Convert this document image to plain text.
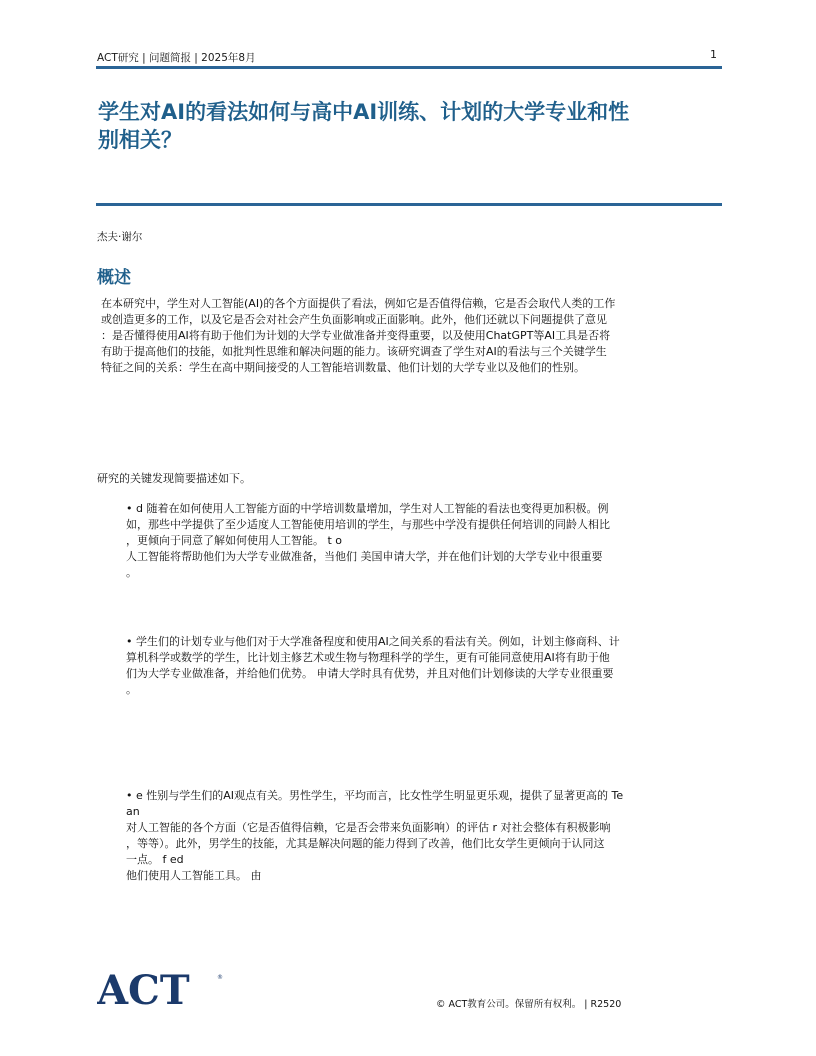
ACT研究 | 问题简报 | 2025年8月	1
学生对AI的看法如何与高中AI训练、计划的大学专业和性
别相关？
杰夫·谢尔
概述
在本研究中，学生对人工智能(AI)的各个方面提供了看法，例如它是否值得信赖，它是否会取代人类的工作
或创造更多的工作，以及它是否会对社会产生负面影响或正面影响。此外，他们还就以下问题提供了意见
：是否懂得使用AI将有助于他们为计划的大学专业做准备并变得重要，以及使用ChatGPT等AI工具是否将
有助于提高他们的技能，如批判性思维和解决问题的能力。该研究调查了学生对AI的看法与三个关键学生
特征之间的关系：学生在高中期间接受的人工智能培训数量、他们计划的大学专业以及他们的性别。
研究的关键发现简要描述如下。
• d 随着在如何使用人工智能方面的中学培训数量增加，学生对人工智能的看法也变得更加积极。例
如，那些中学提供了至少适度人工智能使用培训的学生，与那些中学没有提供任何培训的同龄人相比
，更倾向于同意了解如何使用人工智能。 t o
人工智能将帮助他们为大学专业做准备，当他们 美国申请大学，并在他们计划的大学专业中很重要
。
• 学生们的计划专业与他们对于大学准备程度和使用AI之间关系的看法有关。例如，计划主修商科、计
算机科学或数学的学生，比计划主修艺术或生物与物理科学的学生，更有可能同意使用AI将有助于他
们为大学专业做准备，并给他们优势。 申请大学时具有优势，并且对他们计划修读的大学专业很重要
。
• e 性别与学生们的AI观点有关。男性学生，平均而言，比女性学生明显更乐观，提供了显著更高的 Te
an
对人工智能的各个方面（它是否值得信赖，它是否会带来负面影响）的评估 r 对社会整体有积极影响
，等等）。此外，男学生的技能，尤其是解决问题的能力得到了改善，他们比女学生更倾向于认同这
一点。 f ed
他们使用人工智能工具。 由
ACT	®
© ACT教育公司。保留所有权利。 | R2520
